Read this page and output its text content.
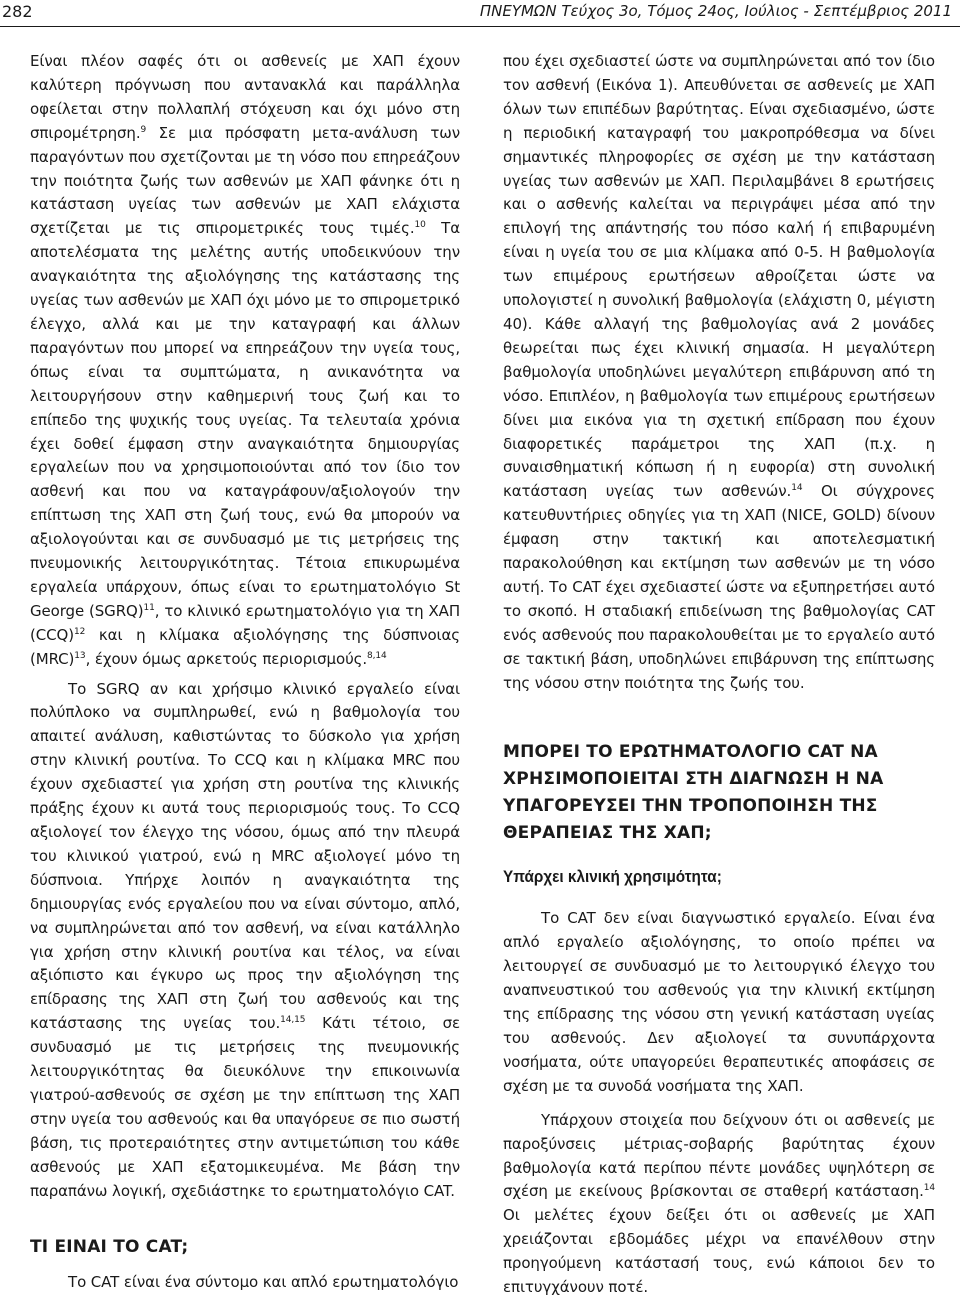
282	ΠΝΕΥΜΩΝ Τεύχος 3ο, Τόμος 24ος, Ιούλιος - Σεπτέμβριος 2011

Είναι πλέον σαφές ότι οι ασθενείς με ΧΑΠ έχουν καλύτερη πρόγνωση που αντανακλά και παράλληλα οφείλεται στην πολλαπλή στόχευση και όχι μόνο στη σπιρομέτρηση.$^9$ Σε μια πρόσφατη μετα-ανάλυση των παραγόντων που σχετίζονται με τη νόσο που επηρεάζουν την ποιότητα ζωής των ασθενών με ΧΑΠ φάνηκε ότι η κατάσταση υγείας των ασθενών με ΧΑΠ ελάχιστα σχετίζεται με τις σπιρομετρικές τους τιμές.$^{10}$ Τα αποτελέσματα της μελέτης αυτής υποδεικνύουν την αναγκαιότητα της αξιολόγησης της κατάστασης της υγείας των ασθενών με ΧΑΠ όχι μόνο με το σπιρομετρικό έλεγχο, αλλά και με την καταγραφή και άλλων παραγόντων που μπορεί να επηρεάζουν την υγεία τους, όπως είναι τα συμπτώματα, η ανικανότητα να λειτουργήσουν στην καθημερινή τους ζωή και το επίπεδο της ψυχικής τους υγείας. Τα τελευταία χρόνια έχει δοθεί έμφαση στην αναγκαιότητα δημιουργίας εργαλείων που να χρησιμοποιούνται από τον ίδιο τον ασθενή και που να καταγράφουν/αξιολογούν την επίπτωση της ΧΑΠ στη ζωή τους, ενώ θα μπορούν να αξιολογούνται και σε συνδυασμό με τις μετρήσεις της πνευμονικής λειτουργικότητας. Τέτοια επικυρωμένα εργαλεία υπάρχουν, όπως είναι το ερωτηματολόγιο St George (SGRQ)$^{11}$, το κλινικό ερωτηματολόγιο για τη ΧΑΠ (CCQ)$^{12}$ και η κλίμακα αξιολόγησης της δύσπνοιας (MRC)$^{13}$, έχουν όμως αρκετούς περιορισμούς.$^{8,14}$

Το SGRQ αν και χρήσιμο κλινικό εργαλείο είναι πολύπλοκο να συμπληρωθεί, ενώ η βαθμολογία του απαιτεί ανάλυση, καθιστώντας το δύσκολο για χρήση στην κλινική ρουτίνα. Το CCQ και η κλίμακα MRC που έχουν σχεδιαστεί για χρήση στη ρουτίνα της κλινικής πράξης έχουν κι αυτά τους περιορισμούς τους. Το CCQ αξιολογεί τον έλεγχο της νόσου, όμως από την πλευρά του κλινικού γιατρού, ενώ η MRC αξιολογεί μόνο τη δύσπνοια. Υπήρχε λοιπόν η αναγκαιότητα της δημιουργίας ενός εργαλείου που να είναι σύντομο, απλό, να συμπληρώνεται από τον ασθενή, να είναι κατάλληλο για χρήση στην κλινική ρουτίνα και τέλος, να είναι αξιόπιστο και έγκυρο ως προς την αξιολόγηση της επίδρασης της ΧΑΠ στη ζωή του ασθενούς και της κατάστασης της υγείας του.$^{14,15}$ Κάτι τέτοιο, σε συνδυασμό με τις μετρήσεις της πνευμονικής λειτουργικότητας θα διευκόλυνε την επικοινωνία γιατρού-ασθενούς σε σχέση με την επίπτωση της ΧΑΠ στην υγεία του ασθενούς και θα υπαγόρευε σε πιο σωστή βάση, τις προτεραιότητες στην αντιμετώπιση του κάθε ασθενούς με ΧΑΠ εξατομικευμένα. Με βάση την παραπάνω λογική, σχεδιάστηκε το ερωτηματολόγιο CAT.

ΤΙ ΕΙΝΑΙ ΤΟ CAT;

Το CAT είναι ένα σύντομο και απλό ερωτηματολόγιο

που έχει σχεδιαστεί ώστε να συμπληρώνεται από τον ίδιο τον ασθενή (Εικόνα 1). Απευθύνεται σε ασθενείς με ΧΑΠ όλων των επιπέδων βαρύτητας. Είναι σχεδιασμένο, ώστε η περιοδική καταγραφή του μακροπρόθεσμα να δίνει σημαντικές πληροφορίες σε σχέση με την κατάσταση υγείας των ασθενών με ΧΑΠ. Περιλαμβάνει 8 ερωτήσεις και ο ασθενής καλείται να περιγράψει μέσα από την επιλογή της απάντησής του πόσο καλή ή επιβαρυμένη είναι η υγεία του σε μια κλίμακα από 0-5. Η βαθμολογία των επιμέρους ερωτήσεων αθροίζεται ώστε να υπολογιστεί η συνολική βαθμολογία (ελάχιστη 0, μέγιστη 40). Κάθε αλλαγή της βαθμολογίας ανά 2 μονάδες θεωρείται πως έχει κλινική σημασία. Η μεγαλύτερη βαθμολογία υποδηλώνει μεγαλύτερη επιβάρυνση από τη νόσο. Επιπλέον, η βαθμολογία των επιμέρους ερωτήσεων δίνει μια εικόνα για τη σχετική επίδραση που έχουν διαφορετικές παράμετροι της ΧΑΠ (π.χ. η συναισθηματική κόπωση ή η ευφορία) στη συνολική κατάσταση υγείας των ασθενών.$^{14}$ Οι σύγχρονες κατευθυντήριες οδηγίες για τη ΧΑΠ (NICE, GOLD) δίνουν έμφαση στην τακτική και αποτελεσματική παρακολούθηση και εκτίμηση των ασθενών με τη νόσο αυτή. Το CAT έχει σχεδιαστεί ώστε να εξυπηρετήσει αυτό το σκοπό. Η σταδιακή επιδείνωση της βαθμολογίας CAT ενός ασθενούς που παρακολουθείται με το εργαλείο αυτό σε τακτική βάση, υποδηλώνει επιβάρυνση της επίπτωσης της νόσου στην ποιότητα της ζωής του.

ΜΠΟΡΕΙ ΤΟ ΕΡΩΤΗΜΑΤΟΛΟΓΙΟ CAT ΝΑ ΧΡΗΣΙΜΟΠΟΙΕΙΤΑΙ ΣΤΗ ΔΙΑΓΝΩΣΗ Η ΝΑ ΥΠΑΓΟΡΕΥΣΕΙ ΤΗΝ ΤΡΟΠΟΠΟΙΗΣΗ ΤΗΣ ΘΕΡΑΠΕΙΑΣ ΤΗΣ ΧΑΠ;
Υπάρχει κλινική χρησιμότητα;

Το CAT δεν είναι διαγνωστικό εργαλείο. Είναι ένα απλό εργαλείο αξιολόγησης, το οποίο πρέπει να λειτουργεί σε συνδυασμό με το λειτουργικό έλεγχο του αναπνευστικού του ασθενούς για την κλινική εκτίμηση της επίδρασης της νόσου στη γενική κατάσταση υγείας του ασθενούς. Δεν αξιολογεί τα συνυπάρχοντα νοσήματα, ούτε υπαγορεύει θεραπευτικές αποφάσεις σε σχέση με τα συνοδά νοσήματα της ΧΑΠ.

Υπάρχουν στοιχεία που δείχνουν ότι οι ασθενείς με παροξύνσεις μέτριας-σοβαρής βαρύτητας έχουν βαθμολογία κατά περίπου πέντε μονάδες υψηλότερη σε σχέση με εκείνους βρίσκονται σε σταθερή κατάσταση.$^{14}$ Οι μελέτες έχουν δείξει ότι οι ασθενείς με ΧΑΠ χρειάζονται εβδομάδες μέχρι να επανέλθουν στην προηγούμενη κατάστασή τους, ενώ κάποιοι δεν το επιτυγχάνουν ποτέ.
